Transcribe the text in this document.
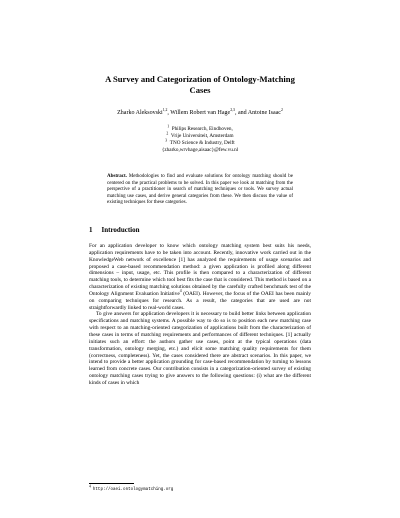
A Survey and Categorization of Ontology-Matching
Cases
Zharko Aleksovski$^{1,2}$, Willem Robert van Hage$^{2,3}$, and Antoine Isaac$^2$
$^1$ Philips Research, Eindhoven,
$^2$ Vrije Universiteit, Amsterdam
$^3$ TNO Science & Industry, Delft
{zharko,wrvhage,aisaac}@few.vu.nl
Abstract. Methodologies to find and evaluate solutions for ontology matching should be centered on the practical problems to be solved. In this paper we look at matching from the perspective of a practitioner in search of matching techniques or tools. We survey actual matching use cases, and derive general categories from these. We then discuss the value of existing techniques for these categories.
1 Introduction

For an application developer to know which ontology matching system best suits his needs, application requirements have to be taken into account. Recently, innovative work carried out in the KnowledgeWeb network of excellence [1] has analyzed the requirements of usage scenarios and proposed a case-based recommendation method: a given application is profiled along different dimensions – input, usage, etc. This profile is then compared to a characterization of different matching tools, to determine which tool best fits the case that is considered. This method is based on a characterization of existing matching solutions obtained by the carefully crafted benchmark test of the Ontology Alignment Evaluation Initiative$^4$ (OAEI). However, the focus of the OAEI has been mainly on comparing techniques for research. As a result, the categories that are used are not straightforwardly linked to real-world cases.

To give answers for application developers it is necessary to build better links between application specifications and matching systems. A possible way to do so is to position each new matching case with respect to an matching-oriented categorization of applications built from the characterization of these cases in terms of matching requirements and performances of different techniques. [1] actually initiates such an effort: the authors gather use cases, point at the typical operations (data transformation, ontology merging, etc.) and elicit some matching quality requirements for them (correctness, completeness). Yet, the cases considered there are abstract scenarios. In this paper, we intend to provide a better application grounding for case-based recommendation by turning to lessons learned from concrete cases. Our contribution consists in a categorization-oriented survey of existing ontology matching cases trying to give answers to the following questions: (i) what are the different kinds of cases in which

$^4$http://oaei.ontologymatching.org
